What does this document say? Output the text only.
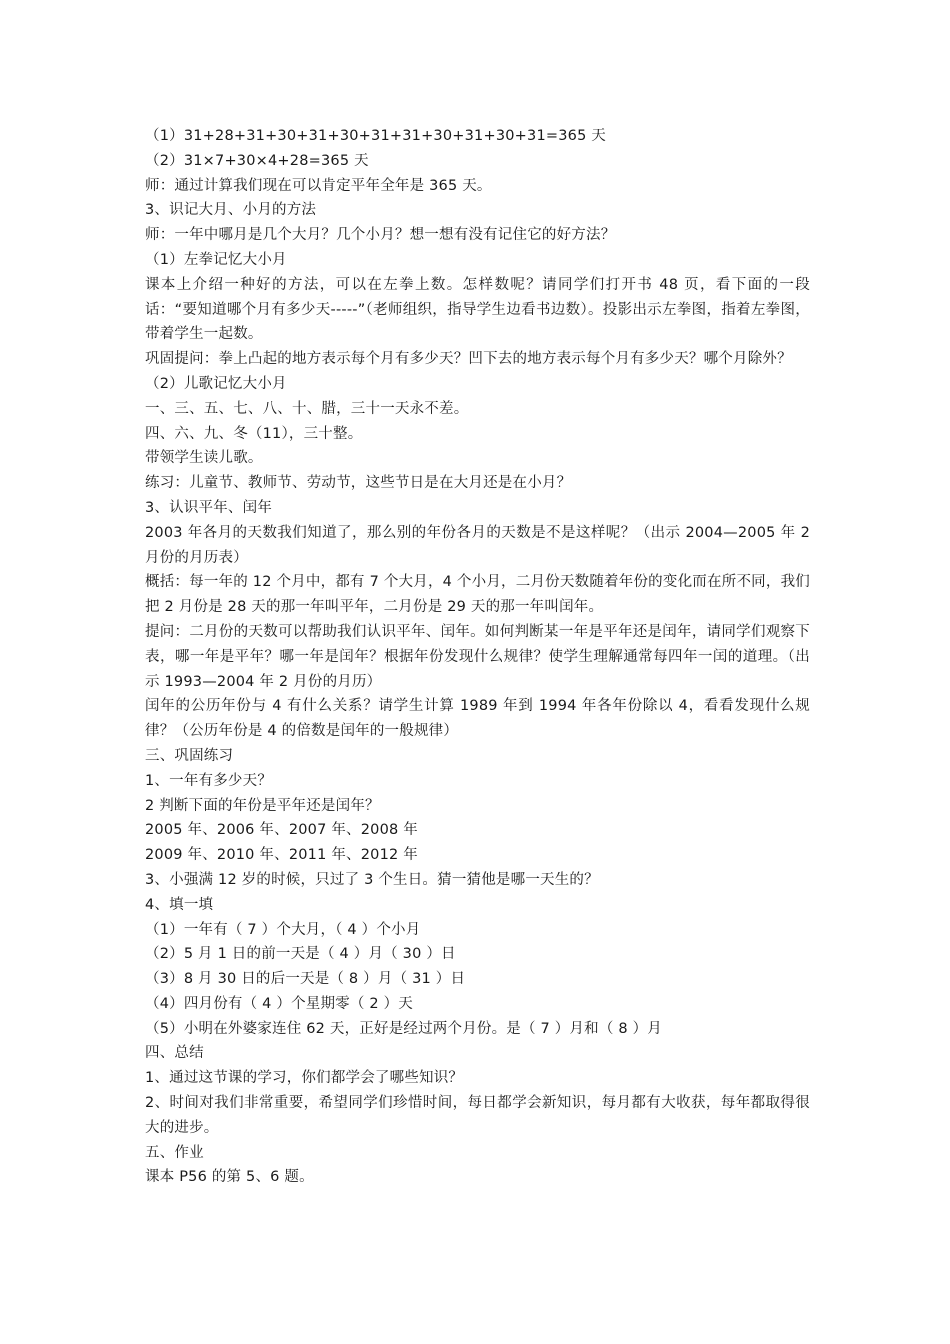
（1）31+28+31+30+31+30+31+31+30+31+30+31=365 天
（2）31×7+30×4+28=365 天
师：通过计算我们现在可以肯定平年全年是 365 天。
3、识记大月、小月的方法
师：一年中哪月是几个大月？几个小月？想一想有没有记住它的好方法？
（1）左拳记忆大小月
课本上介绍一种好的方法，可以在左拳上数。怎样数呢？请同学们打开书 48 页，看下面的一段话：“要知道哪个月有多少天-----”（老师组织，指导学生边看书边数）。投影出示左拳图，指着左拳图，带着学生一起数。
巩固提问：拳上凸起的地方表示每个月有多少天？凹下去的地方表示每个月有多少天？哪个月除外？
（2）儿歌记忆大小月
一、三、五、七、八、十、腊，三十一天永不差。
四、六、九、冬（11），三十整。
带领学生读儿歌。
练习：儿童节、教师节、劳动节，这些节日是在大月还是在小月？
3、认识平年、闰年
2003 年各月的天数我们知道了，那么别的年份各月的天数是不是这样呢？（出示 2004—2005 年 2 月份的月历表）
概括：每一年的 12 个月中，都有 7 个大月，4 个小月，二月份天数随着年份的变化而在所不同，我们把 2 月份是 28 天的那一年叫平年，二月份是 29 天的那一年叫闰年。
提问：二月份的天数可以帮助我们认识平年、闰年。如何判断某一年是平年还是闰年，请同学们观察下表，哪一年是平年？哪一年是闰年？根据年份发现什么规律？使学生理解通常每四年一闰的道理。（出示 1993—2004 年 2 月份的月历）
闰年的公历年份与 4 有什么关系？请学生计算 1989 年到 1994 年各年份除以 4，看看发现什么规律？（公历年份是 4 的倍数是闰年的一般规律）
三、巩固练习
1、一年有多少天？
2 判断下面的年份是平年还是闰年？
2005 年、2006 年、2007 年、2008 年
2009 年、2010 年、2011 年、2012 年
3、小强满 12 岁的时候，只过了 3 个生日。猜一猜他是哪一天生的？
4、填一填
（1）一年有（ 7 ）个大月，（ 4 ）个小月
（2）5 月 1 日的前一天是（ 4 ）月（ 30 ）日
（3）8 月 30 日的后一天是（ 8 ）月（ 31 ）日
（4）四月份有（ 4 ）个星期零（ 2 ）天
（5）小明在外婆家连住 62 天，正好是经过两个月份。是（ 7 ）月和（ 8 ）月
四、总结
1、通过这节课的学习，你们都学会了哪些知识？
2、时间对我们非常重要，希望同学们珍惜时间，每日都学会新知识，每月都有大收获，每年都取得很大的进步。
五、作业
课本 P56 的第 5、6 题。
